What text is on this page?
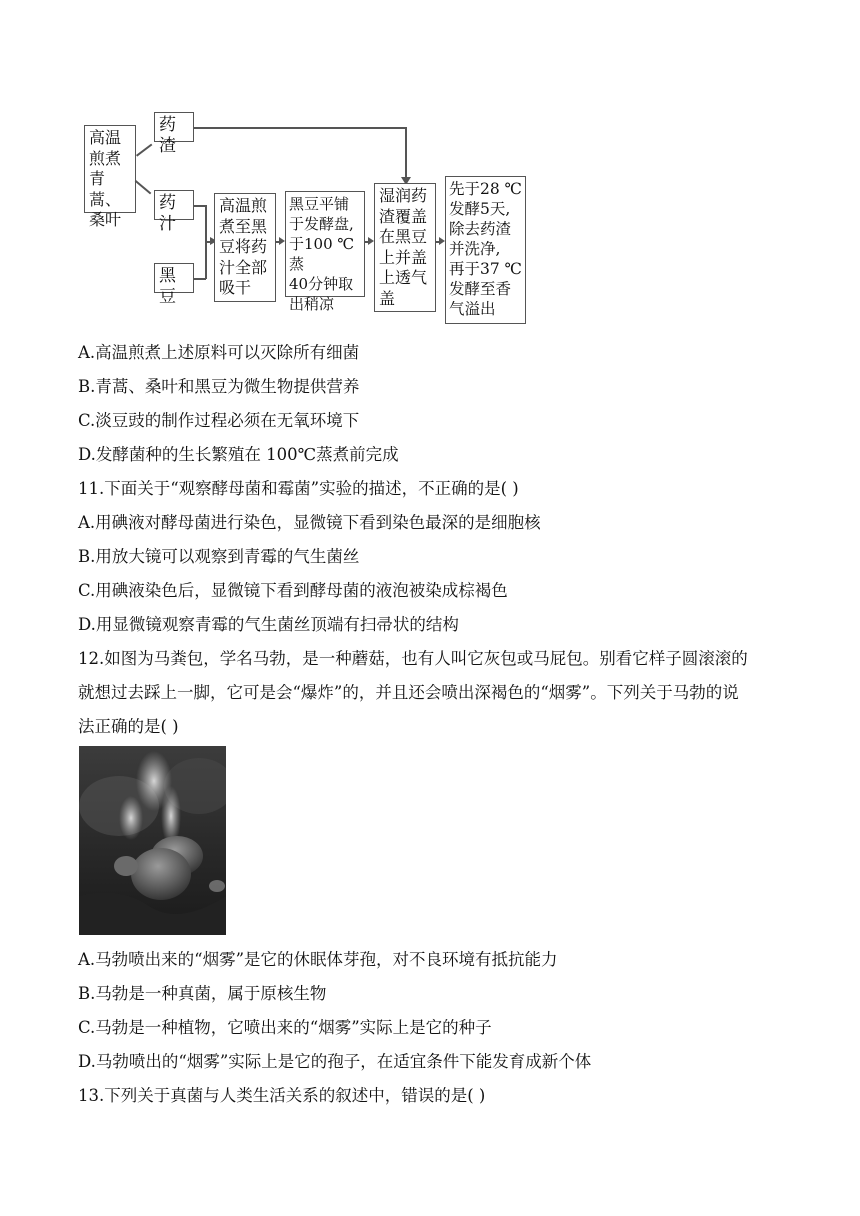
高温
煎煮
青蒿、
桑叶
药渣
药汁
黑豆
高温煎
煮至黑
豆将药
汁全部
吸干
黑豆平铺
于发酵盘,
于100 ℃蒸
40分钟取
出稍凉
湿润药
渣覆盖
在黑豆
上并盖
上透气
盖
先于28 ℃
发酵5天,
除去药渣
并洗净,
再于37 ℃
发酵至香
气溢出
A.高温煎煮上述原料可以灭除所有细菌
B.青蒿、桑叶和黑豆为微生物提供营养
C.淡豆豉的制作过程必须在无氧环境下
D.发酵菌种的生长繁殖在 100℃蒸煮前完成
11.下面关于“观察酵母菌和霉菌”实验的描述，不正确的是( )
A.用碘液对酵母菌进行染色，显微镜下看到染色最深的是细胞核
B.用放大镜可以观察到青霉的气生菌丝
C.用碘液染色后，显微镜下看到酵母菌的液泡被染成棕褐色
D.用显微镜观察青霉的气生菌丝顶端有扫帚状的结构
12.如图为马粪包，学名马勃，是一种蘑菇，也有人叫它灰包或马屁包。别看它样子圆滚滚的
就想过去踩上一脚，它可是会“爆炸”的，并且还会喷出深褐色的“烟雾”。下列关于马勃的说
法正确的是( )
A.马勃喷出来的“烟雾”是它的休眠体芽孢，对不良环境有抵抗能力
B.马勃是一种真菌，属于原核生物
C.马勃是一种植物，它喷出来的“烟雾”实际上是它的种子
D.马勃喷出的“烟雾”实际上是它的孢子，在适宜条件下能发育成新个体
13.下列关于真菌与人类生活关系的叙述中，错误的是( )
